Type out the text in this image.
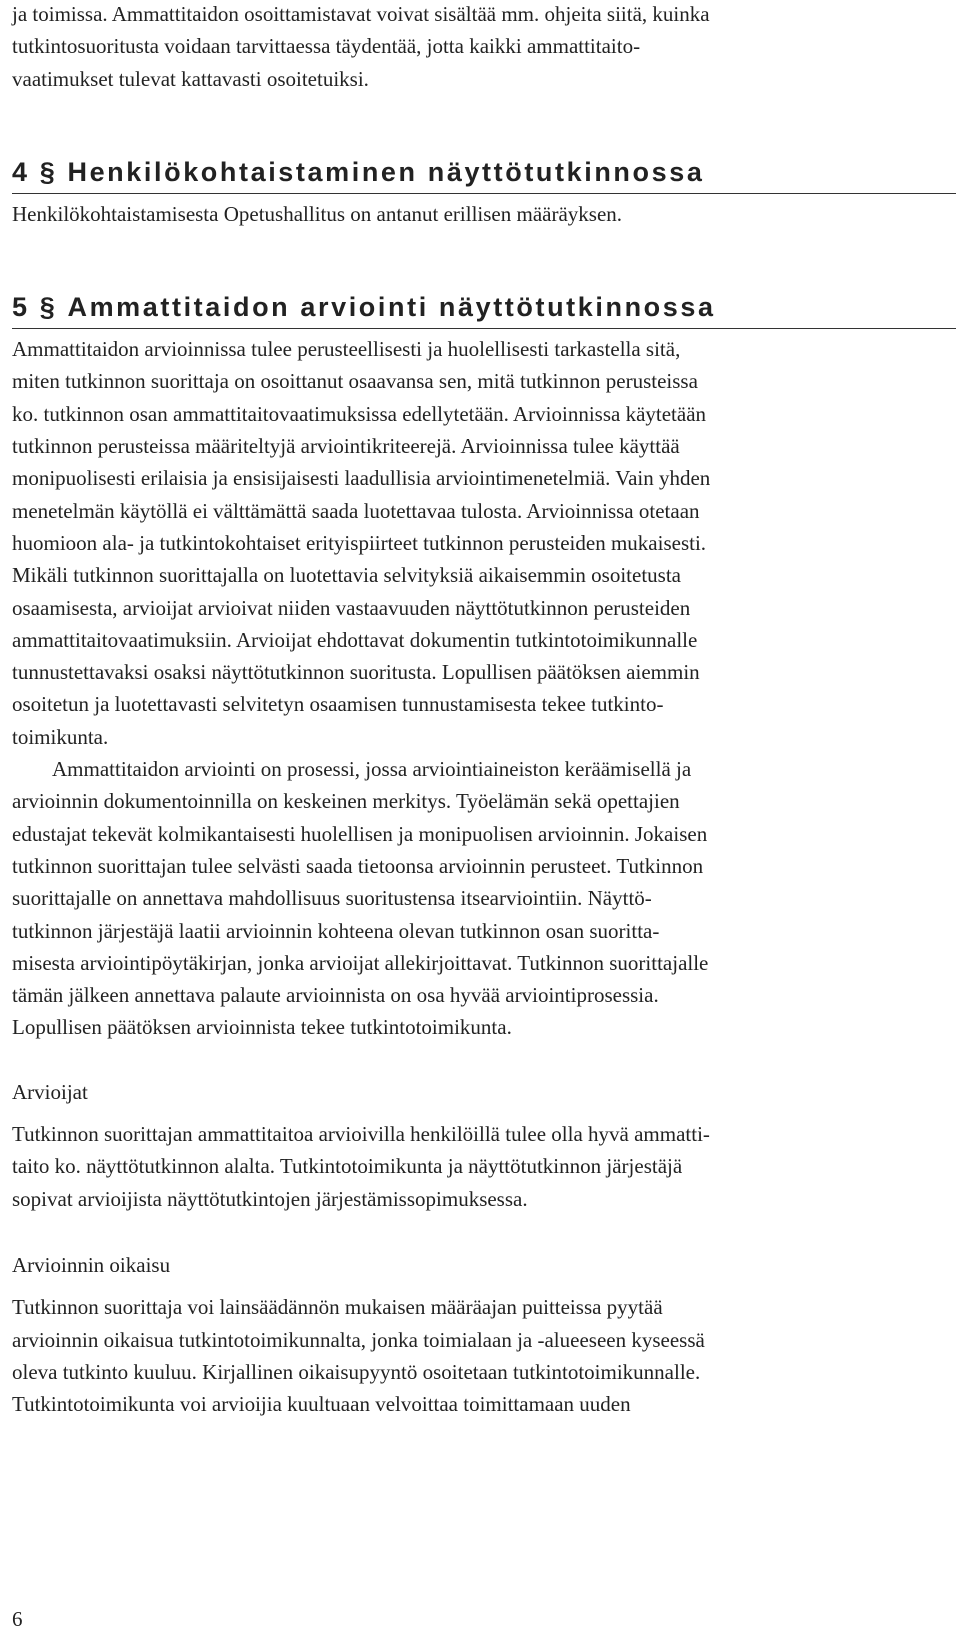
ja toimissa. Ammattitaidon osoittamistavat voivat sisältää mm. ohjeita siitä, kuinka
tutkintosuoritusta voidaan tarvittaessa täydentää, jotta kaikki ammattitaito-
vaatimukset tulevat kattavasti osoitetuiksi.
4 § Henkilökohtaistaminen näyttötutkinnossa
Henkilökohtaistamisesta Opetushallitus on antanut erillisen määräyksen.
5 § Ammattitaidon arviointi näyttötutkinnossa
Ammattitaidon arvioinnissa tulee perusteellisesti ja huolellisesti tarkastella sitä,
miten tutkinnon suorittaja on osoittanut osaavansa sen, mitä tutkinnon perusteissa
ko. tutkinnon osan ammattitaitovaatimuksissa edellytetään. Arvioinnissa käytetään
tutkinnon perusteissa määriteltyjä arviointikriteerejä. Arvioinnissa tulee käyttää
monipuolisesti erilaisia ja ensisijaisesti laadullisia arviointimenetelmiä. Vain yhden
menetelmän käytöllä ei välttämättä saada luotettavaa tulosta. Arvioinnissa otetaan
huomioon ala- ja tutkintokohtaiset erityispiirteet tutkinnon perusteiden mukaisesti.
Mikäli tutkinnon suorittajalla on luotettavia selvityksiä aikaisemmin osoitetusta
osaamisesta, arvioijat arvioivat niiden vastaavuuden näyttötutkinnon perusteiden
ammattitaitovaatimuksiin. Arvioijat ehdottavat dokumentin tutkintotoimikunnalle
tunnustettavaksi osaksi näyttötutkinnon suoritusta. Lopullisen päätöksen aiemmin
osoitetun ja luotettavasti selvitetyn osaamisen tunnustamisesta tekee tutkinto-
toimikunta.
Ammattitaidon arviointi on prosessi, jossa arviointiaineiston keräämisellä ja
arvioinnin dokumentoinnilla on keskeinen merkitys. Työelämän sekä opettajien
edustajat tekevät kolmikantaisesti huolellisen ja monipuolisen arvioinnin. Jokaisen
tutkinnon suorittajan tulee selvästi saada tietoonsa arvioinnin perusteet. Tutkinnon
suorittajalle on annettava mahdollisuus suoritustensa itsearviointiin. Näyttö-
tutkinnon järjestäjä laatii arvioinnin kohteena olevan tutkinnon osan suoritta-
misesta arviointipöytäkirjan, jonka arvioijat allekirjoittavat. Tutkinnon suorittajalle
tämän jälkeen annettava palaute arvioinnista on osa hyvää arviointiprosessia.
Lopullisen päätöksen arvioinnista tekee tutkintotoimikunta.
Arvioijat
Tutkinnon suorittajan ammattitaitoa arvioivilla henkilöillä tulee olla hyvä ammatti-
taito ko. näyttötutkinnon alalta. Tutkintotoimikunta ja näyttötutkinnon järjestäjä
sopivat arvioijista näyttötutkintojen järjestämissopimuksessa.
Arvioinnin oikaisu
Tutkinnon suorittaja voi lainsäädännön mukaisen määräajan puitteissa pyytää
arvioinnin oikaisua tutkintotoimikunnalta, jonka toimialaan ja -alueeseen kyseessä
oleva tutkinto kuuluu. Kirjallinen oikaisupyyntö osoitetaan tutkintotoimikunnalle.
Tutkintotoimikunta voi arvioijia kuultuaan velvoittaa toimittamaan uuden
6
